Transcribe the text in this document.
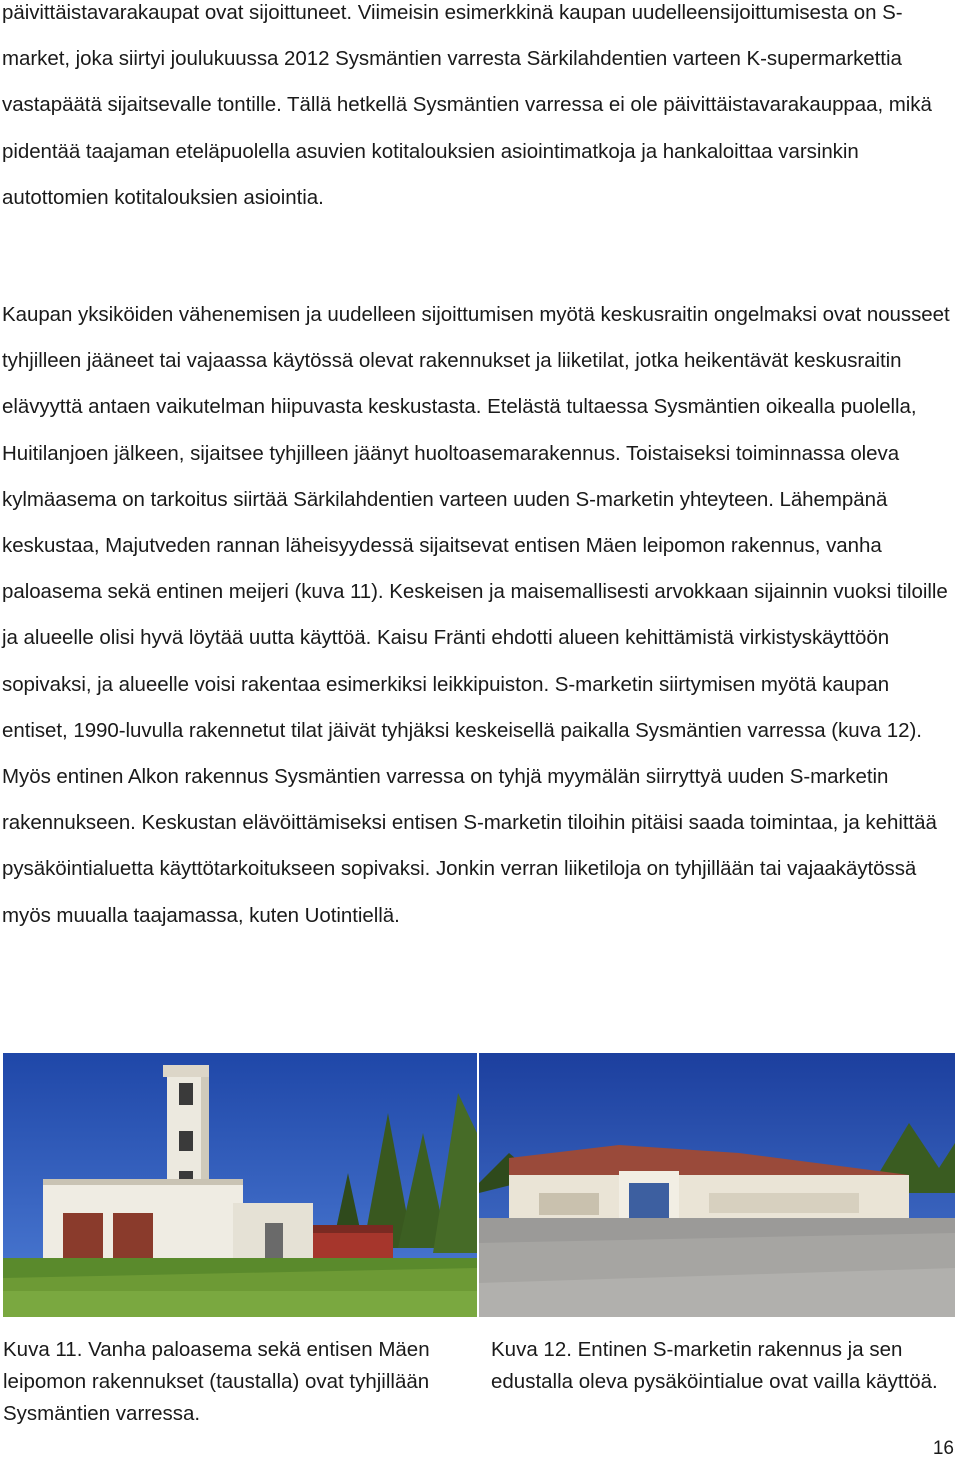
päivittäistavarakaupat ovat sijoittuneet. Viimeisin esimerkkinä kaupan uudelleensijoittumisesta on S-market, joka siirtyi joulukuussa 2012 Sysmäntien varresta Särkilahdentien varteen K-supermarkettia vastapäätä sijaitsevalle tontille. Tällä hetkellä Sysmäntien varressa ei ole päivittäistavarakauppaa, mikä pidentää taajaman eteläpuolella asuvien kotitalouksien asiointimatkoja ja hankaloittaa varsinkin autottomien kotitalouksien asiointia.

Kaupan yksiköiden vähenemisen ja uudelleen sijoittumisen myötä keskusraitin ongelmaksi ovat nousseet tyhjilleen jääneet tai vajaassa käytössä olevat rakennukset ja liiketilat, jotka heikentävät keskusraitin elävyyttä antaen vaikutelman hiipuvasta keskustasta. Etelästä tultaessa Sysmäntien oikealla puolella, Huitilanjoen jälkeen, sijaitsee tyhjilleen jäänyt huoltoasemarakennus. Toistaiseksi toiminnassa oleva kylmäasema on tarkoitus siirtää Särkilahdentien varteen uuden S-marketin yhteyteen. Lähempänä keskustaa, Majutveden rannan läheisyydessä sijaitsevat entisen Mäen leipomon rakennus, vanha paloasema sekä entinen meijeri (kuva 11). Keskeisen ja maisemallisesti arvokkaan sijainnin vuoksi tiloille ja alueelle olisi hyvä löytää uutta käyttöä. Kaisu Fränti ehdotti alueen kehittämistä virkistyskäyttöön sopivaksi, ja alueelle voisi rakentaa esimerkiksi leikkipuiston. S-marketin siirtymisen myötä kaupan entiset, 1990-luvulla rakennetut tilat jäivät tyhjäksi keskeisellä paikalla Sysmäntien varressa (kuva 12). Myös entinen Alkon rakennus Sysmäntien varressa on tyhjä myymälän siirryttyä uuden S-marketin rakennukseen. Keskustan elävöittämiseksi entisen S-marketin tiloihin pitäisi saada toimintaa, ja kehittää pysäköintialuetta käyttötarkoitukseen sopivaksi. Jonkin verran liiketiloja on tyhjillään tai vajaakäytössä myös muualla taajamassa, kuten Uotintiellä.

Kuva 11. Vanha paloasema sekä entisen Mäen leipomon rakennukset (taustalla) ovat tyhjillään Sysmäntien varressa.

Kuva 12. Entinen S-marketin rakennus ja sen edustalla oleva pysäköintialue ovat vailla käyttöä.

16
